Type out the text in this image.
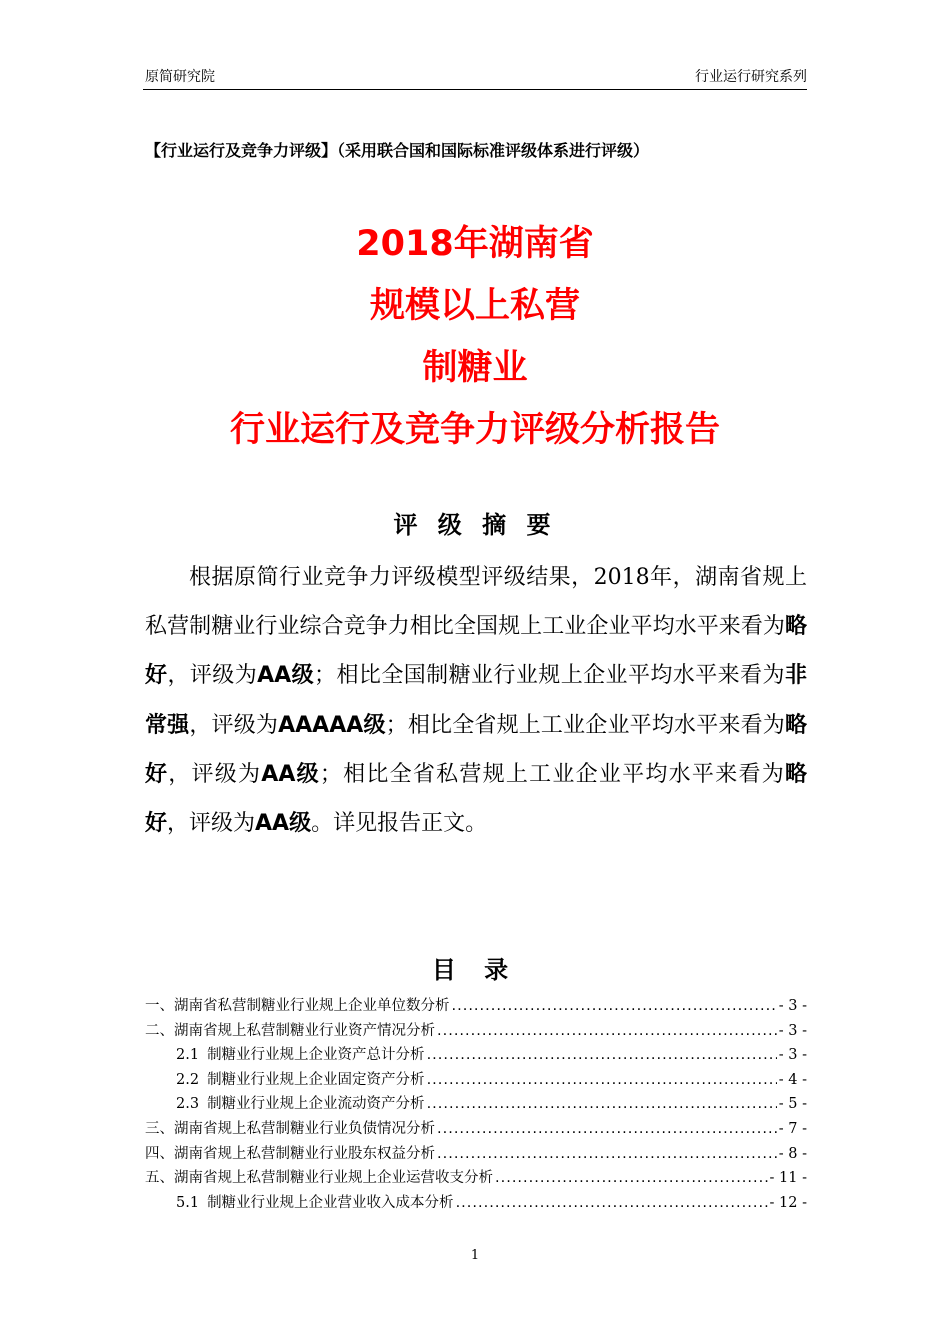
原简研究院	行业运行研究系列
【行业运行及竞争力评级】（采用联合国和国际标准评级体系进行评级）
2018年湖南省
规模以上私营
制糖业
行业运行及竞争力评级分析报告
评 级 摘 要
根据原简行业竞争力评级模型评级结果，2018年，湖南省规上私营制糖业行业综合竞争力相比全国规上工业企业平均水平来看为略好，评级为AA级；相比全国制糖业行业规上企业平均水平来看为非常强，评级为AAAAA级；相比全省规上工业企业平均水平来看为略好，评级为AA级；相比全省私营规上工业企业平均水平来看为略好，评级为AA级。详见报告正文。
目 录
一、湖南省私营制糖业行业规上企业单位数分析 .....	- 3 -
二、湖南省规上私营制糖业行业资产情况分析 .....	- 3 -
2.1 制糖业行业规上企业资产总计分析 .....	- 3 -
2.2 制糖业行业规上企业固定资产分析 .....	- 4 -
2.3 制糖业行业规上企业流动资产分析 .....	- 5 -
三、湖南省规上私营制糖业行业负债情况分析 .....	- 7 -
四、湖南省规上私营制糖业行业股东权益分析 .....	- 8 -
五、湖南省规上私营制糖业行业规上企业运营收支分析 .....	- 11 -
5.1 制糖业行业规上企业营业收入成本分析 .....	- 12 -
1
